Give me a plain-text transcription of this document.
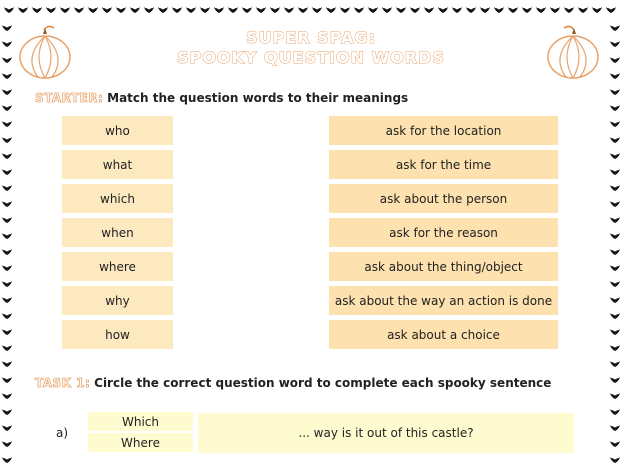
SUPER SPAG:
SPOOKY QUESTION WORDS
STARTER: Match the question words to their meanings
who
what
which
when
where
why
how
ask for the location
ask for the time
ask about the person
ask for the reason
ask about the thing/object
ask about the way an action is done
ask about a choice
TASK 1: Circle the correct question word to complete each spooky sentence
a)
Which
Where
... way is it out of this castle?
